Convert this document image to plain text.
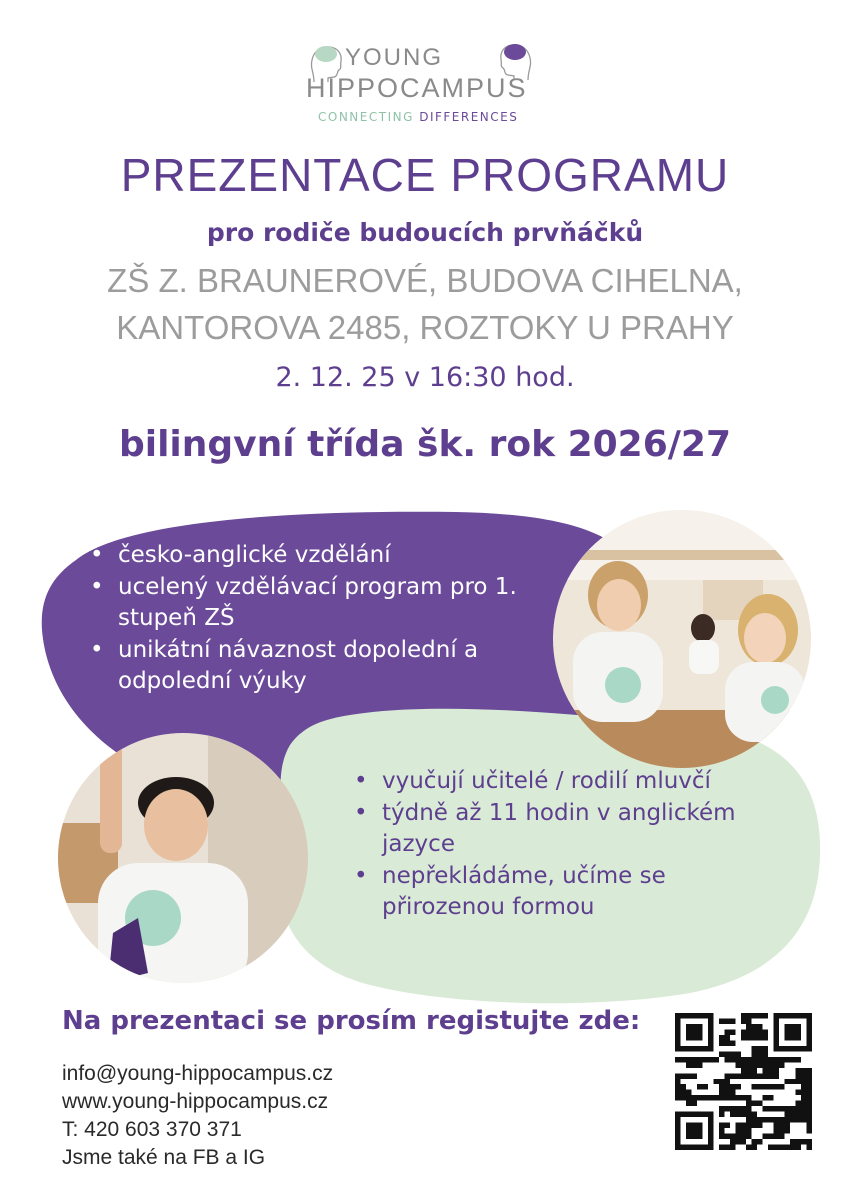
YOUNG
HIPPOCAMPUS
CONNECTING DIFFERENCES
PREZENTACE PROGRAMU
pro rodiče budoucích prvňáčků
ZŠ Z. BRAUNEROVÉ, BUDOVA CIHELNA,
KANTOROVA 2485, ROZTOKY U PRAHY
2. 12. 25 v 16:30 hod.
bilingvní třída šk. rok 2026/27
• česko-anglické vzdělání
• ucelený vzdělávací program pro 1. stupeň ZŠ
• unikátní návaznost dopolední a odpolední výuky
• vyučují učitelé / rodilí mluvčí
• týdně až 11 hodin v anglickém jazyce
• nepřekládáme, učíme se přirozenou formou
Na prezentaci se prosím registujte zde:
info@young-hippocampus.cz
www.young-hippocampus.cz
T: 420 603 370 371
Jsme také na FB a IG
